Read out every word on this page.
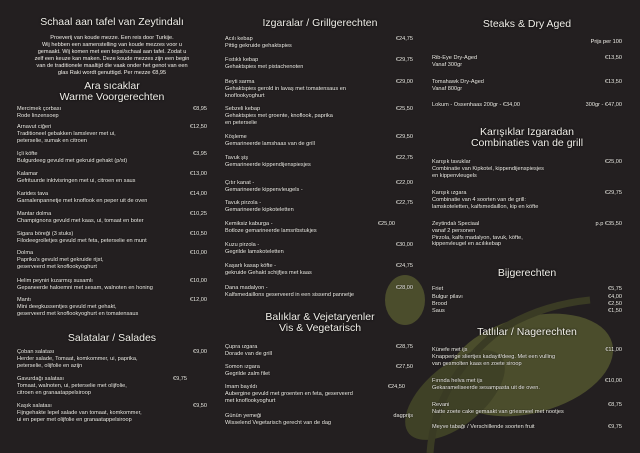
Schaal aan tafel van Zeytindalı
Proeverij van koude mezze. Een reis door Turkije.
Wij hebben een samenstelling van koude mezzes voor u
gemaakt. Wij komen met een tepsi/schaal aan tafel. Zodat u
zelf een keuze kan maken. Deze koude mezzes zijn een begin
van de traditionele maaltijd die vaak onder het genot van een
glas Raki wordt genuttigd. Per mezze €8,95
Ara sıcaklar
Warme Voorgerechten
Salatalar / Salades
Mercimek çorbası
Rode linzensoep
€8,95
Arnavut ciğeri
Traditioneel gebakken lamslever met ui,
peterselie, sumak en citroen
€12,50
Içli köfte
Bulgurdeeg gevuld met gekruid gehakt (p/st)
€3,95
Kalamar
Gefrituurde inktvisringen met ui, citroen en saus
€13,00
Karides tava
Garnalenpannetje met knoflook en peper uit de oven
€14,00
Mantar dolma
Champignons gevuld met kaas, ui, tomaat en boter
€10,25
Sigara böreği (3 stuks)
Filodeegrolletjes gevuld met feta, peterselie en munt
€10,50
Dolma
Paprika's gevuld met gekruide rijst,
geserveerd met knoflookyoghurt
€10,00
Helim peyniri kızarmış susamlı
Gepaneerde haloemni met sesam, walnoten en honing
€10,00
Mantı
Mini deegkussentjes gevuld met gehakt,
geserveerd met knoflookyoghurt en tomatensaus
€12,00
Çoban salatası
Herder salade, Tomaat, komkommer, ui, paprika,
peterselie, olijfolie en azijn
€9,00
Gavurdağı salatası
Tomaat, walnoten, ui, peterselie met olijfolie,
citroen en granaatappelsiroop
€9,75
Kaşık salatası
Fijngehakte lepel salade van tomaat, komkommer,
ui en peper met olijfolie en granaatappelsiroop
€9,50
Izgaralar / Grillgerechten
Balıklar & Vejetaryenler
Vis & Vegetarisch
Acılı kebap
Pittig gekruide gehaktspies
€24,75
Fıstıklı kebap
Gehaktspies met pistachenoten
€29,75
Beyti sarma
Gehaktspies gerold in lavaş met tomatensaus en
knoflookyoghurt
€29,00
Sebzeli kebap
Gehaktspies met groente, knoflook, paprika
en peterselie
€25,50
Köşleme
Gemarineerde lamshaas van de grill
€29,50
Tavuk şiş
Gemarineerde kippendijenspiesjes
€22,75
Çıtır kanat -
Gemarineerde kippenvleugels -
€22,00
Tavuk pirzola -
Gemarineerde kipkoteletten
€22,75
Kemiksiz kaburga -
Botloze gemarineerde lamsribstukjes
€25,00
Kuzu pirzola -
Gegrilde lamskoteletten
€30,00
Kaşarlı kasap köfte -
gekruide Gehakt schijfjes met kaas
€24,75
Dana madalyon -
Kalfsmedaillons geserveerd in een sissend pannetje
€28,00
Çupra ızgara
Dorade van de grill
€28,75
Somon ızgara
Gegrilde zalm filet
€27,50
Imam bayıldı
Aubergine gevuld met groenten en feta, geserveerd
met knoflookyoghurt
€24,50
Günün yemeği
Wisselend Vegetarisch gerecht van de dag
dagprijs
Steaks & Dry Aged
Prijs per 100
Karışıklar Izgaradan
Combinaties van de grill
Bijgerechten
Tatlılar / Nagerechten
Rib-Eye Dry-Aged
Vanaf 300gr
€13,50
Tomahawk Dry-Aged
Vanaf 800gr
€13,50
Lokum - Ossenhaas 200gr - €34,00	300gr - €47,00
Karışık tavuklar
Combinatie van Kipkotel, kippendijenspiesjes
en kippenvleugels
€25,00
Karışık ızgara
Combinatie van 4 soorten van de grill:
lamskoteletten, kalfsmedaillon, kip en köfte
€29,75
Zeytindalı Speciaal
vanaf 2 personen
Pirzola, kalfs madalyon, tavuk, köfte,
kippenvleugel en acılıkebap
p.p €35,50
Friet	€5,75
Bulgur pilavı	€4,00
Brood	€2,50
Saus	€1,50
Künefe met ijs
Knapperige sliertjes kadayif/deeg. Met een vulling
van gesmolten kaas en zoete siroop
€11,00
Fırında helva met ijs
Gekarameliseerde sesampasta uit de oven.
€10,00
Revani
Natte zoete cake gemaakt van griesmeel met nootjes
€8,75
Meyve tabağı / Verschillende soorten fruit	€9,75
